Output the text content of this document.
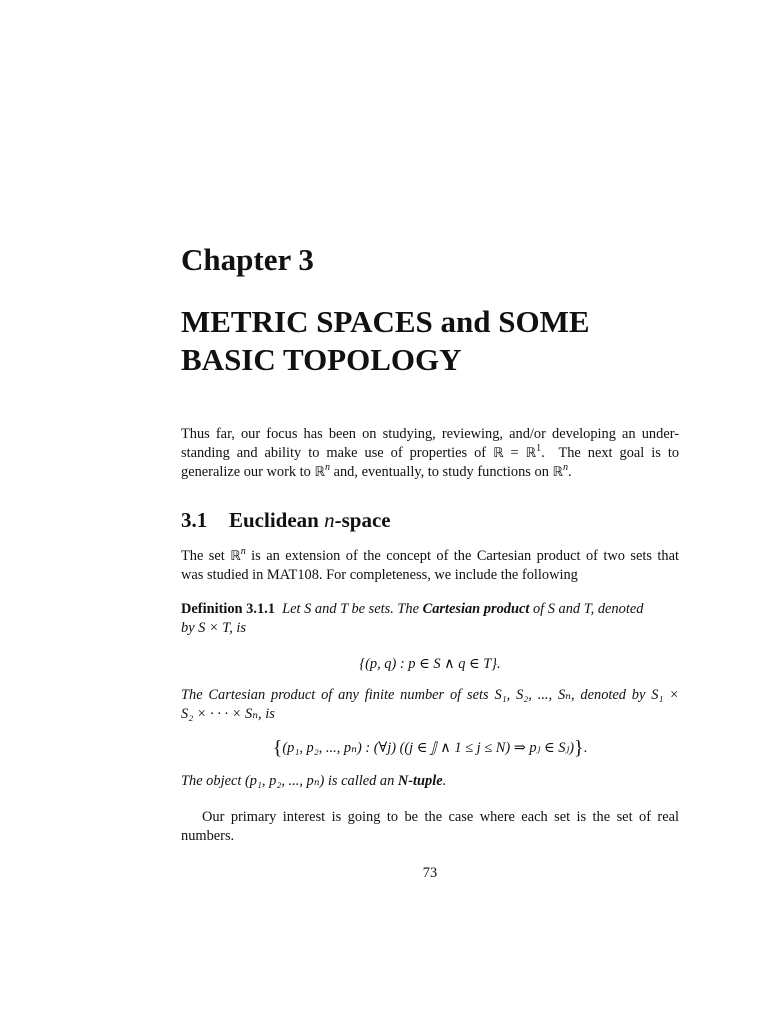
Chapter 3
METRIC SPACES and SOME
BASIC TOPOLOGY
Thus far, our focus has been on studying, reviewing, and/or developing an under-
standing and ability to make use of properties of ℝ = ℝ$^1$.  The next goal is to
generalize our work to ℝ$^n$ and, eventually, to study functions on ℝ$^n$.
3.1 Euclidean n-space
The set ℝ$^n$ is an extension of the concept of the Cartesian product of two sets that
was studied in MAT108. For completeness, we include the following
Definition 3.1.1 Let S and T be sets. The Cartesian product of S and T, denoted
by S × T, is
{(p, q) : p ∈ S ∧ q ∈ T}.
The Cartesian product of any finite number of sets S₁, S₂, ..., Sₙ, denoted by S₁ ×
S₂ × · · · × Sₙ, is
{(p₁, p₂, ..., pₙ) : (∀j) ((j ∈ 𝕁 ∧ 1 ≤ j ≤ N) ⇒ pⱼ ∈ Sⱼ)}.
The object (p₁, p₂, ..., pₙ) is called an N-tuple.
Our primary interest is going to be the case where each set is the set of real numbers.
73
